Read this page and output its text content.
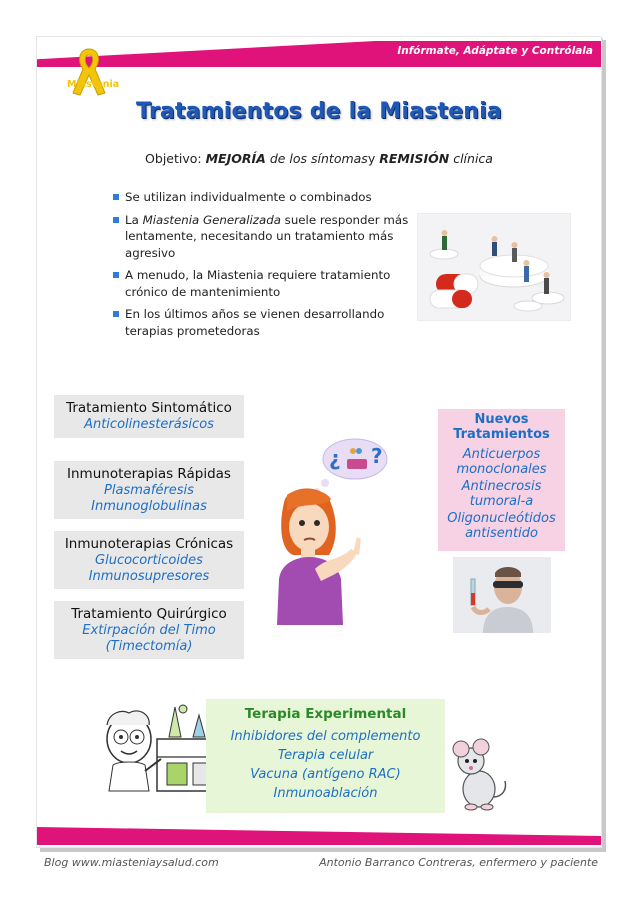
Infórmate, Adáptate y Contrólala
Miastenia
Tratamientos de la Miastenia
Objetivo: MEJORÍA de los síntomasy REMISIÓN clínica
Se utilizan individualmente o combinados
La Miastenia Generalizada suele responder más lentamente, necesitando un tratamiento más agresivo
A menudo, la Miastenia requiere tratamiento crónico de mantenimiento
En los últimos años se vienen desarrollando terapias prometedoras
Tratamiento Sintomático
Anticolinesterásicos
Inmunoterapias Rápidas
Plasmaféresis
Inmunoglobulinas
Inmunoterapias Crónicas
Glucocorticoides
Inmunosupresores
Tratamiento Quirúrgico
Extirpación del Timo
(Timectomía)
¿ ?
Nuevos
Tratamientos
Anticuerpos
monoclonales
Antinecrosis
tumoral-a
Oligonucleótidos
antisentido
Terapia Experimental
Inhibidores del complemento
Terapia celular
Vacuna (antígeno RAC)
Inmunoablación
Blog www.miasteniaysalud.com	Antonio Barranco Contreras, enfermero y paciente
